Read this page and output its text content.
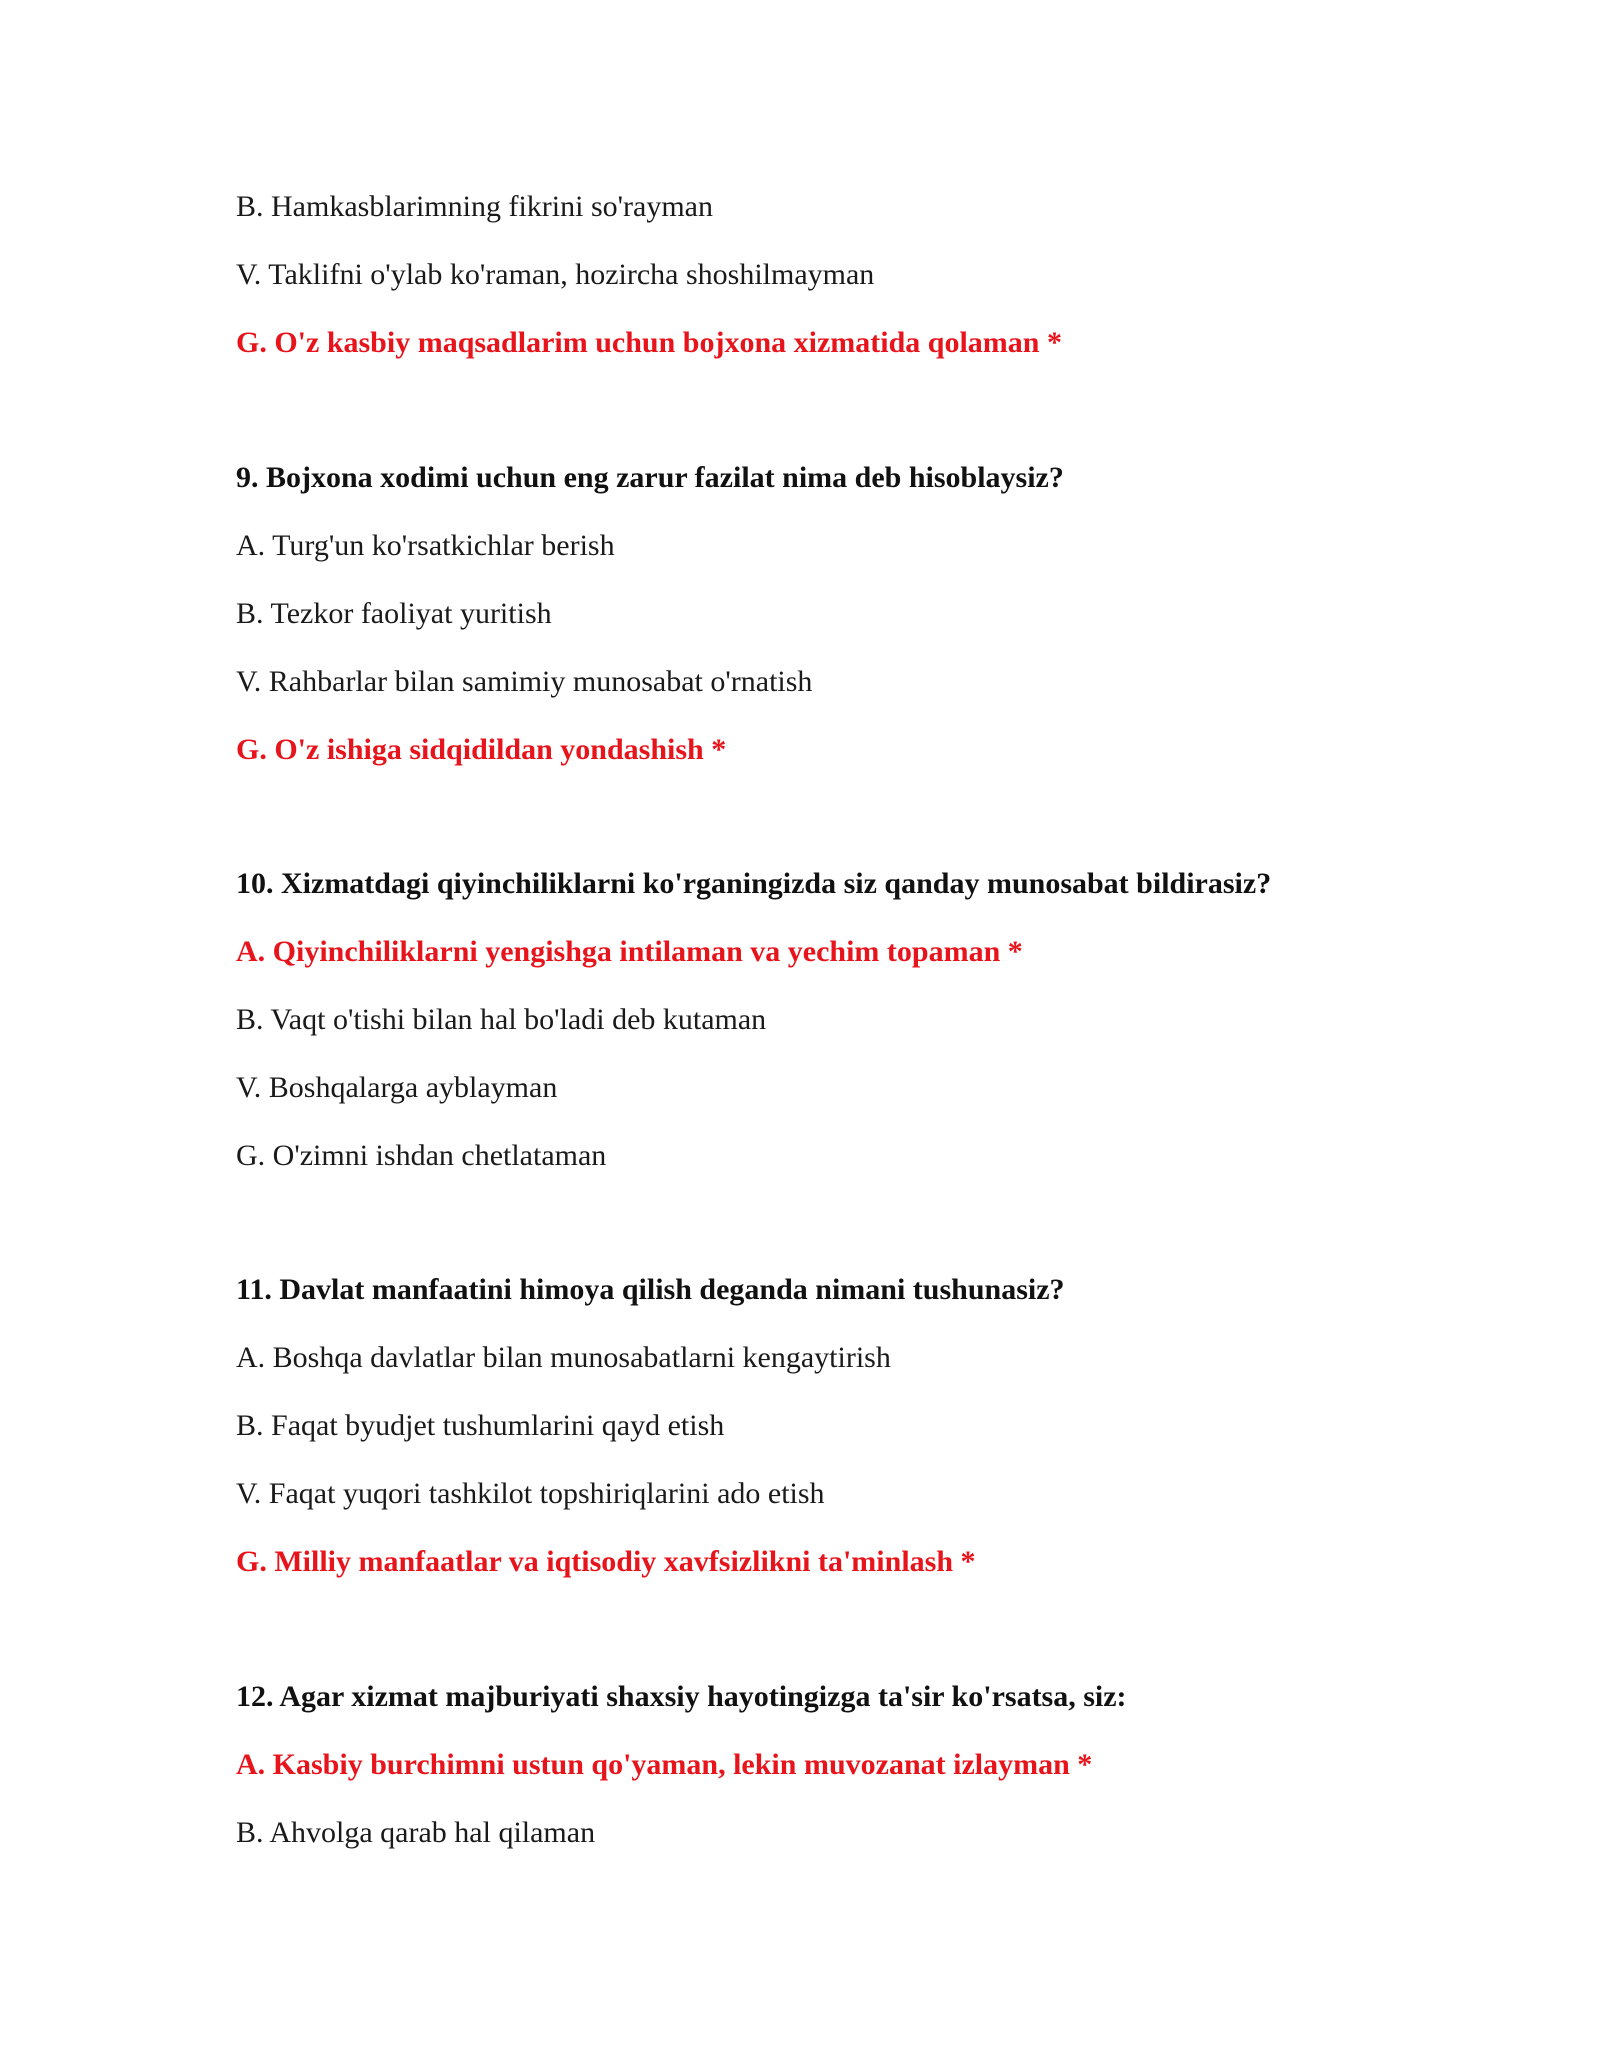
B. Hamkasblarimning fikrini so'rayman
V. Taklifni o'ylab ko'raman, hozircha shoshilmayman
G. O'z kasbiy maqsadlarim uchun bojxona xizmatida qolaman *
9. Bojxona xodimi uchun eng zarur fazilat nima deb hisoblaysiz?
A. Turg'un ko'rsatkichlar berish
B. Tezkor faoliyat yuritish
V. Rahbarlar bilan samimiy munosabat o'rnatish
G. O'z ishiga sidqidildan yondashish *
10. Xizmatdagi qiyinchiliklarni ko'rganingizda siz qanday munosabat bildirasiz?
A. Qiyinchiliklarni yengishga intilaman va yechim topaman *
B. Vaqt o'tishi bilan hal bo'ladi deb kutaman
V. Boshqalarga ayblayman
G. O'zimni ishdan chetlataman
11. Davlat manfaatini himoya qilish deganda nimani tushunasiz?
A. Boshqa davlatlar bilan munosabatlarni kengaytirish
B. Faqat byudjet tushumlarini qayd etish
V. Faqat yuqori tashkilot topshiriqlarini ado etish
G. Milliy manfaatlar va iqtisodiy xavfsizlikni ta'minlash *
12. Agar xizmat majburiyati shaxsiy hayotingizga ta'sir ko'rsatsa, siz:
A. Kasbiy burchimni ustun qo'yaman, lekin muvozanat izlayman *
B. Ahvolga qarab hal qilaman
